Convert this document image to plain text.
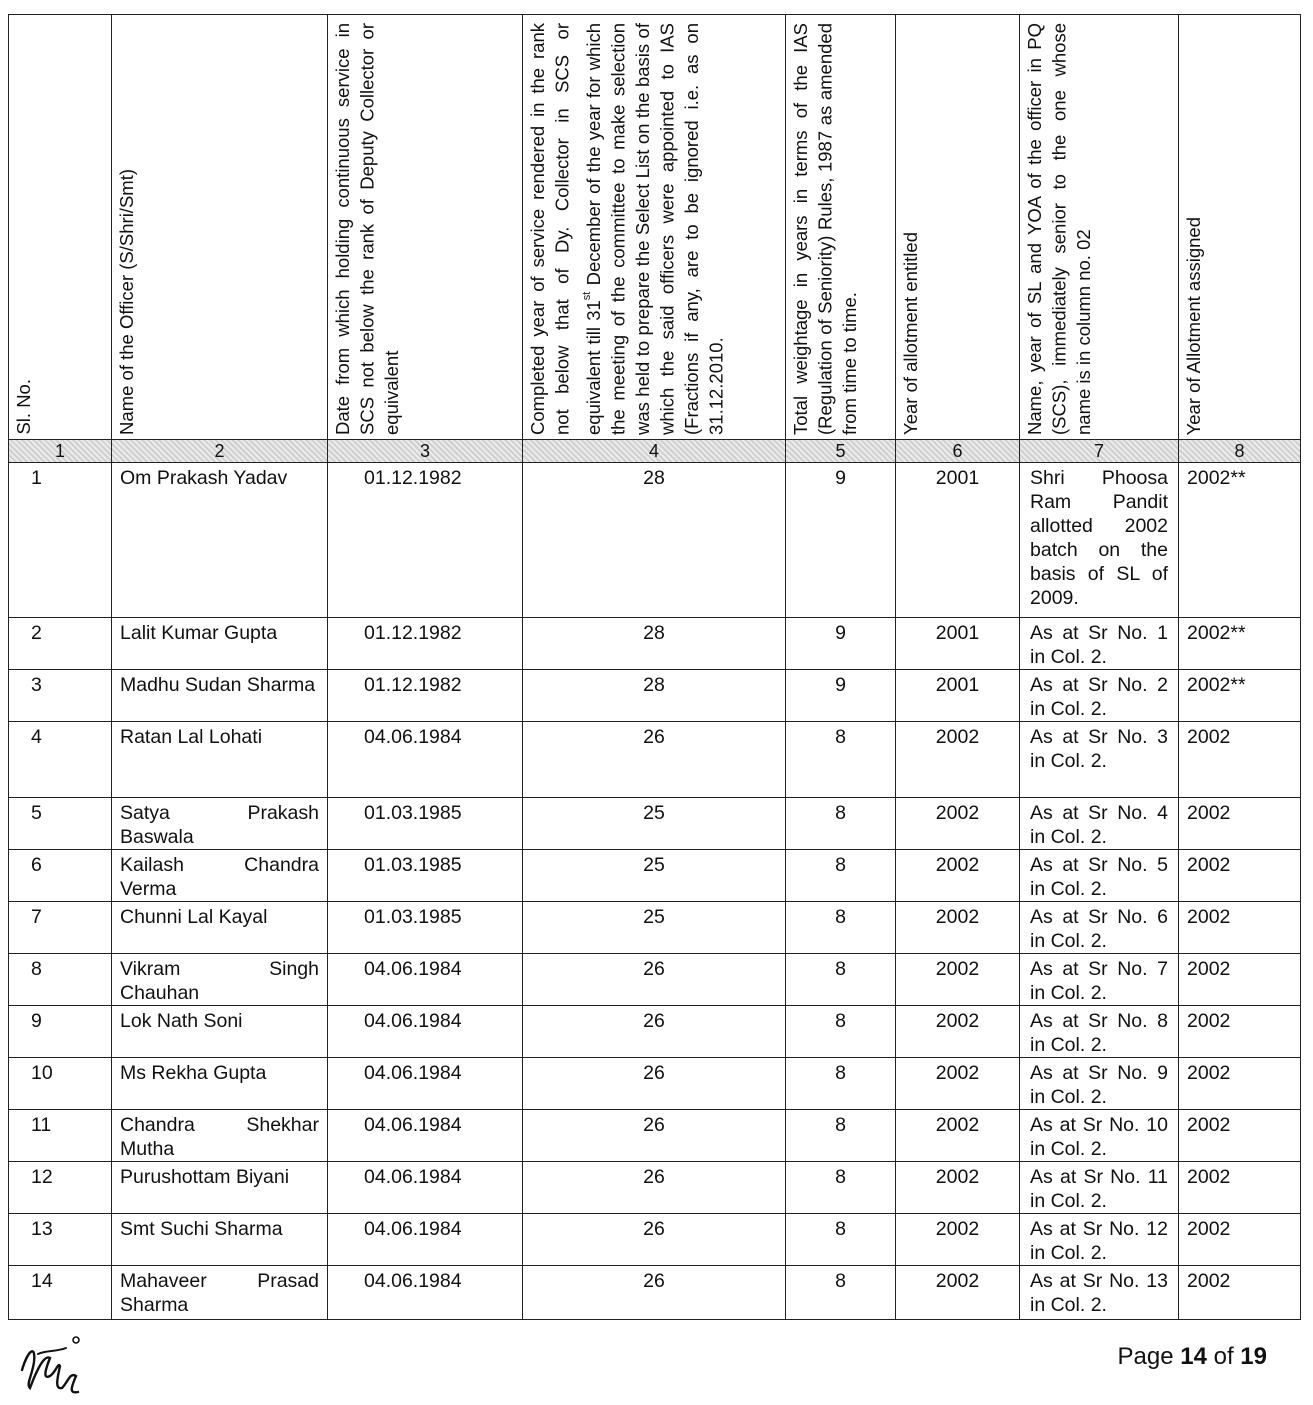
Sl. No.	Name of the Officer (S/Shri/Smt)	Date from which holding continuous service in SCS not below the rank of Deputy Collector or equivalent	Completed year of service rendered in the rank not below that of Dy. Collector in SCS or equivalent till 31st December of the year for which the meeting of the committee to make selection was held to prepare the Select List on the basis of which the said officers were appointed to IAS (Fractions if any, are to be ignored i.e. as on 31.12.2010.	Total weightage in years in terms of the IAS (Regulation of Seniority) Rules, 1987 as amended from time to time.	Year of allotment entitled	Name, year of SL and YOA of the officer in PQ (SCS), immediately senior to the one whose name is in column no. 02	Year of Allotment assigned

1	2	3	4	5	6	7	8
1	Om Prakash Yadav	01.12.1982	28	9	2001	Shri Phoosa Ram Pandit allotted 2002 batch on the basis of SL of 2009.	2002**
2	Lalit Kumar Gupta	01.12.1982	28	9	2001	As at Sr No. 1 in Col. 2.	2002**
3	Madhu Sudan Sharma	01.12.1982	28	9	2001	As at Sr No. 2 in Col. 2.	2002**
4	Ratan Lal Lohati	04.06.1984	26	8	2002	As at Sr No. 3 in Col. 2.	2002
5	Satya Prakash Baswala	01.03.1985	25	8	2002	As at Sr No. 4 in Col. 2.	2002
6	Kailash Chandra Verma	01.03.1985	25	8	2002	As at Sr No. 5 in Col. 2.	2002
7	Chunni Lal Kayal	01.03.1985	25	8	2002	As at Sr No. 6 in Col. 2.	2002
8	Vikram Singh Chauhan	04.06.1984	26	8	2002	As at Sr No. 7 in Col. 2.	2002
9	Lok Nath Soni	04.06.1984	26	8	2002	As at Sr No. 8 in Col. 2.	2002
10	Ms Rekha Gupta	04.06.1984	26	8	2002	As at Sr No. 9 in Col. 2.	2002
11	Chandra Shekhar Mutha	04.06.1984	26	8	2002	As at Sr No. 10 in Col. 2.	2002
12	Purushottam Biyani	04.06.1984	26	8	2002	As at Sr No. 11 in Col. 2.	2002
13	Smt Suchi Sharma	04.06.1984	26	8	2002	As at Sr No. 12 in Col. 2.	2002
14	Mahaveer Prasad Sharma	04.06.1984	26	8	2002	As at Sr No. 13 in Col. 2.	2002
Page 14 of 19
